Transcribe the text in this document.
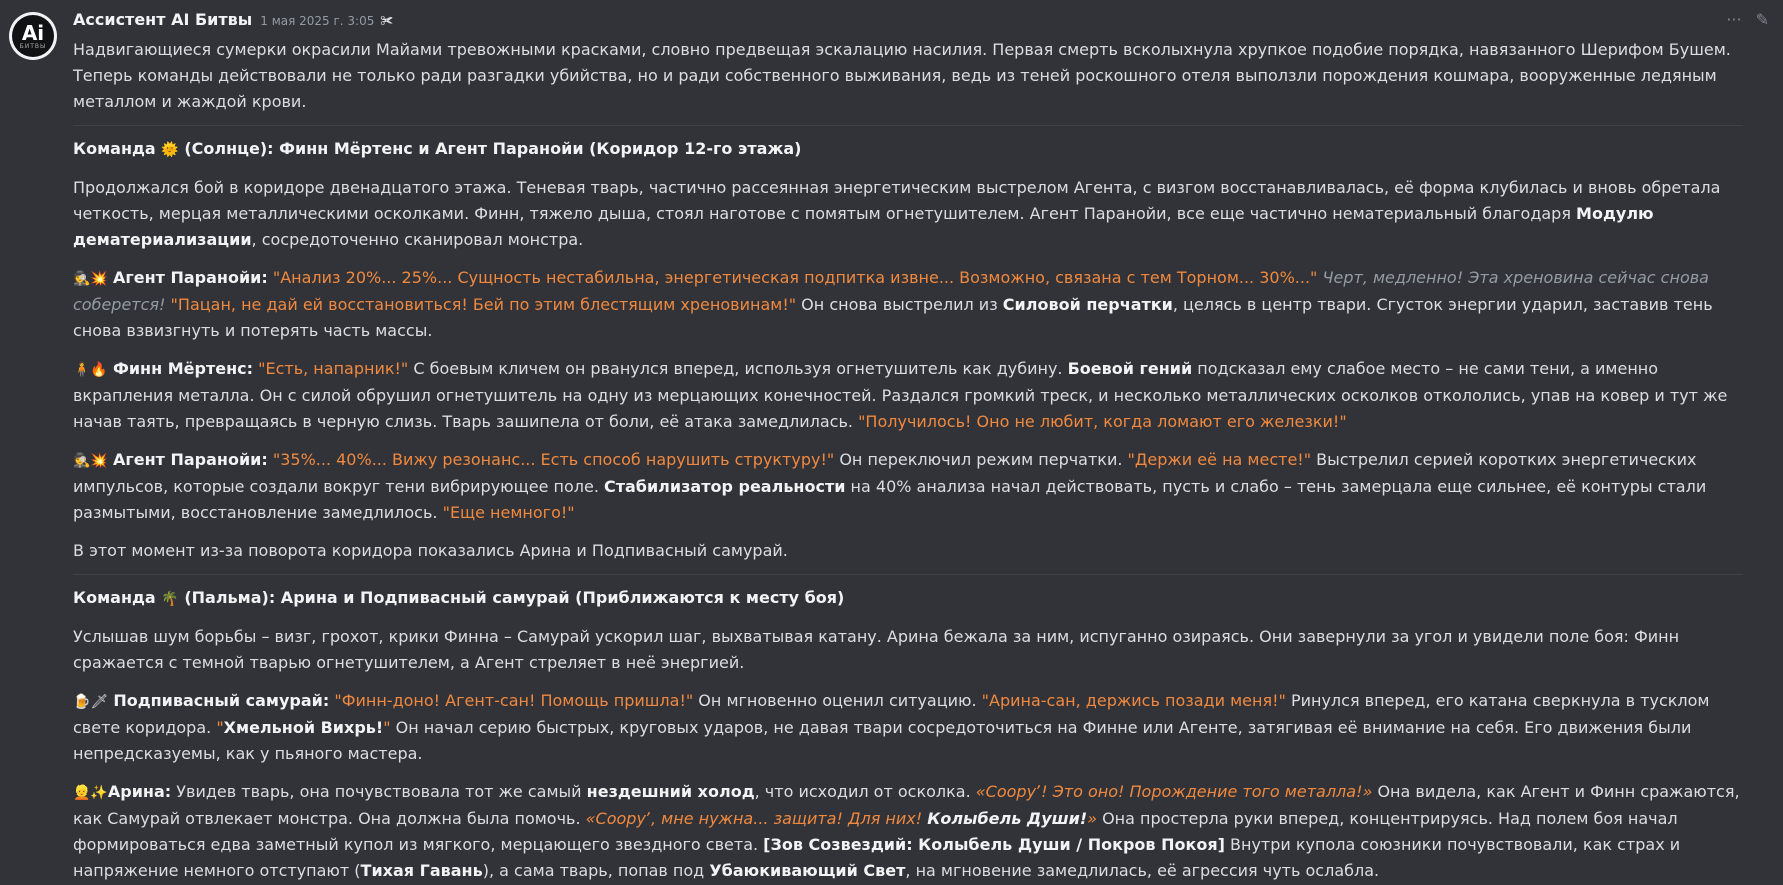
Ai
БИТВЫ
··· ✎
Ассистент AI Битвы 1 мая 2025 г. 3:05 ✀

Надвигающиеся сумерки окрасили Майами тревожными красками, словно предвещая эскалацию насилия. Первая смерть всколыхнула хрупкое подобие порядка, навязанного Шерифом Бушем. Теперь команды действовали не только ради разгадки убийства, но и ради собственного выживания, ведь из теней роскошного отеля выползли порождения кошмара, вооруженные ледяным металлом и жаждой крови.

Команда 🌞 (Солнце): Финн Мёртенс и Агент Паранойи (Коридор 12-го этажа)

Продолжался бой в коридоре двенадцатого этажа. Теневая тварь, частично рассеянная энергетическим выстрелом Агента, с визгом восстанавливалась, её форма клубилась и вновь обретала четкость, мерцая металлическими осколками. Финн, тяжело дыша, стоял наготове с помятым огнетушителем. Агент Паранойи, все еще частично нематериальный благодаря Модулю дематериализации, сосредоточенно сканировал монстра.

🕵💥 Агент Паранойи: "Анализ 20%... 25%... Сущность нестабильна, энергетическая подпитка извне... Возможно, связана с тем Торном... 30%..." Черт, медленно! Эта хреновина сейчас снова соберется! "Пацан, не дай ей восстановиться! Бей по этим блестящим хреновинам!" Он снова выстрелил из Силовой перчатки, целясь в центр твари. Сгусток энергии ударил, заставив тень снова взвизгнуть и потерять часть массы.

🧍🔥 Финн Мёртенс: "Есть, напарник!" С боевым кличем он рванулся вперед, используя огнетушитель как дубину. Боевой гений подсказал ему слабое место – не сами тени, а именно вкрапления металла. Он с силой обрушил огнетушитель на одну из мерцающих конечностей. Раздался громкий треск, и несколько металлических осколков откололись, упав на ковер и тут же начав таять, превращаясь в черную слизь. Тварь зашипела от боли, её атака замедлилась. "Получилось! Оно не любит, когда ломают его железки!"

🕵💥 Агент Паранойи: "35%... 40%... Вижу резонанс... Есть способ нарушить структуру!" Он переключил режим перчатки. "Держи её на месте!" Выстрелил серией коротких энергетических импульсов, которые создали вокруг тени вибрирующее поле. Стабилизатор реальности на 40% анализа начал действовать, пусть и слабо – тень замерцала еще сильнее, её контуры стали размытыми, восстановление замедлилось. "Еще немного!"

В этот момент из-за поворота коридора показались Арина и Подпивасный самурай.

Команда 🌴 (Пальма): Арина и Подпивасный самурай (Приближаются к месту боя)

Услышав шум борьбы – визг, грохот, крики Финна – Самурай ускорил шаг, выхватывая катану. Арина бежала за ним, испуганно озираясь. Они завернули за угол и увидели поле боя: Финн сражается с темной тварью огнетушителем, а Агент стреляет в неё энергией.

🍺🗡 Подпивасный самурай: "Финн-доно! Агент-сан! Помощь пришла!" Он мгновенно оценил ситуацию. "Арина-сан, держись позади меня!" Ринулся вперед, его катана сверкнула в тусклом свете коридора. "Хмельной Вихрь!" Он начал серию быстрых, круговых ударов, не давая твари сосредоточиться на Финне или Агенте, затягивая её внимание на себя. Его движения были непредсказуемы, как у пьяного мастера.

👱✨Арина: Увидев тварь, она почувствовала тот же самый нездешний холод, что исходил от осколка. «Сооруʼ! Это оно! Порождение того металла!» Она видела, как Агент и Финн сражаются, как Самурай отвлекает монстра. Она должна была помочь. «Сооруʼ, мне нужна... защита! Для них! Колыбель Души!» Она простерла руки вперед, концентрируясь. Над полем боя начал формироваться едва заметный купол из мягкого, мерцающего звездного света. [Зов Созвездий: Колыбель Души / Покров Покоя] Внутри купола союзники почувствовали, как страх и напряжение немного отступают (Тихая Гавань), а сама тварь, попав под Убаюкивающий Свет, на мгновение замедлилась, её агрессия чуть ослабла.
